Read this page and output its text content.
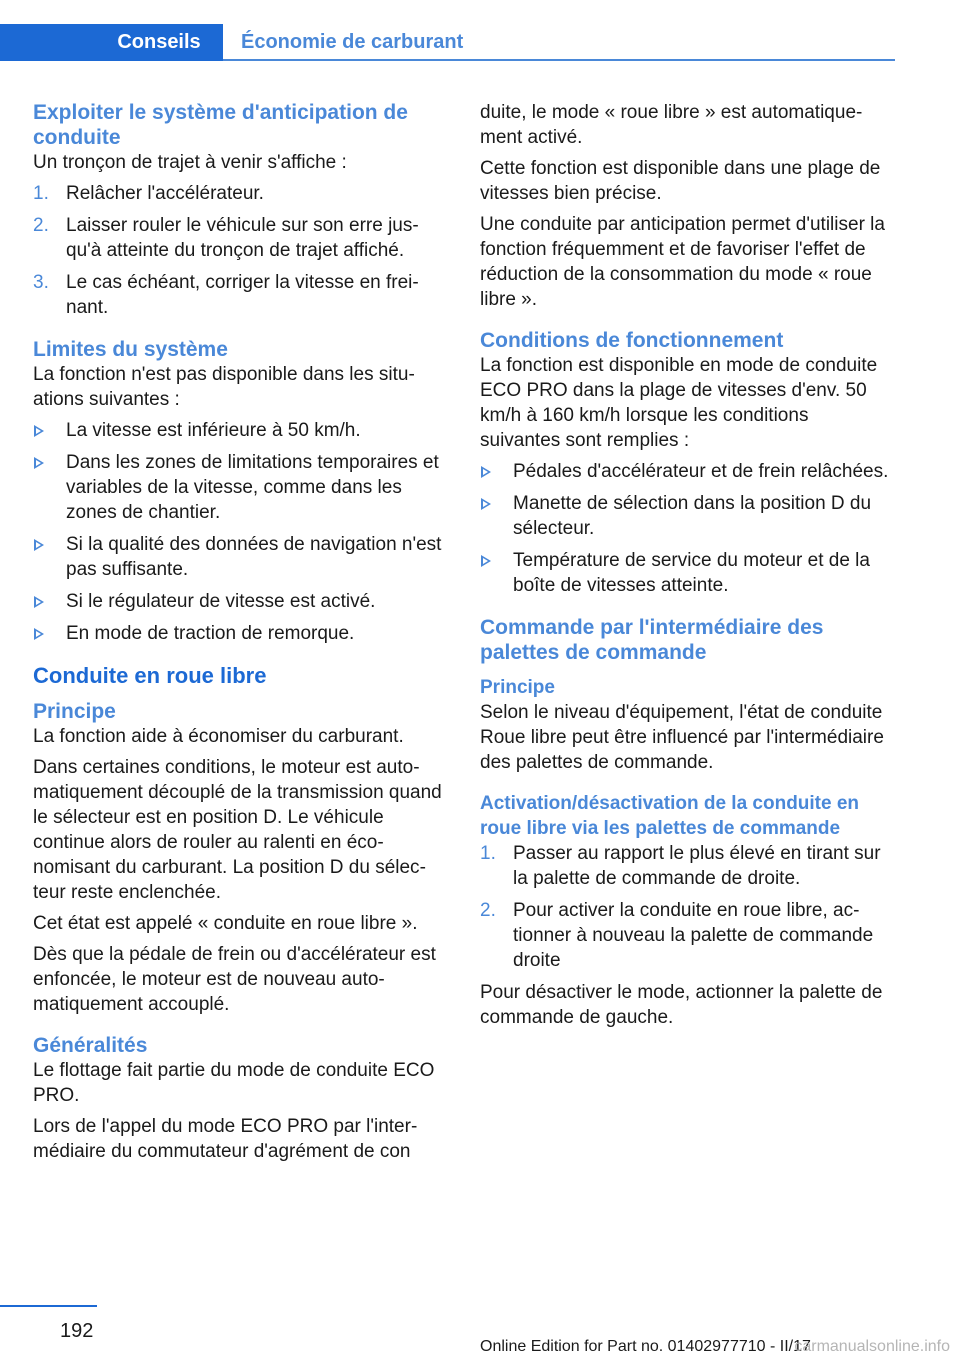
Conseils Économie de carburant
Exploiter le système d'anticipation de conduite

Un tronçon de trajet à venir s'affiche :

1. Relâcher l'accélérateur.
2. Laisser rouler le véhicule sur son erre jusqu'à atteinte du tronçon de trajet affiché.
3. Le cas échéant, corriger la vitesse en freinant.
Limites du système

La fonction n'est pas disponible dans les situations suivantes :

La vitesse est inférieure à 50 km/h.
Dans les zones de limitations temporaires et variables de la vitesse, comme dans les zones de chantier.
Si la qualité des données de navigation n'est pas suffisante.
Si le régulateur de vitesse est activé.
En mode de traction de remorque.
Conduite en roue libre
Principe

La fonction aide à économiser du carburant.

Dans certaines conditions, le moteur est automatiquement découplé de la transmission quand le sélecteur est en position D. Le véhicule continue alors de rouler au ralenti en économisant du carburant. La position D du sélecteur reste enclenchée.

Cet état est appelé « conduite en roue libre ».

Dès que la pédale de frein ou d'accélérateur est enfoncée, le moteur est de nouveau automatiquement accouplé.

Généralités

Le flottage fait partie du mode de conduite ECO PRO.

Lors de l'appel du mode ECO PRO par l'intermédiaire du commutateur d'agrément de con

duite, le mode « roue libre » est automatiquement activé.

Cette fonction est disponible dans une plage de vitesses bien précise.

Une conduite par anticipation permet d'utiliser la fonction fréquemment et de favoriser l'effet de réduction de la consommation du mode « roue libre ».

Conditions de fonctionnement

La fonction est disponible en mode de conduite ECO PRO dans la plage de vitesses d'env. 50 km/h à 160 km/h lorsque les conditions suivantes sont remplies :

Pédales d'accélérateur et de frein relâchées.
Manette de sélection dans la position D du sélecteur.
Température de service du moteur et de la boîte de vitesses atteinte.
Commande par l'intermédiaire des palettes de commande
Principe

Selon le niveau d'équipement, l'état de conduite Roue libre peut être influencé par l'intermédiaire des palettes de commande.

Activation/désactivation de la conduite en roue libre via les palettes de commande
1. Passer au rapport le plus élevé en tirant sur la palette de commande de droite.
2. Pour activer la conduite en roue libre, actionner à nouveau la palette de commande droite

Pour désactiver le mode, actionner la palette de commande de gauche.

192
Online Edition for Part no. 01402977710 - II/17
carmanualsonline.info
